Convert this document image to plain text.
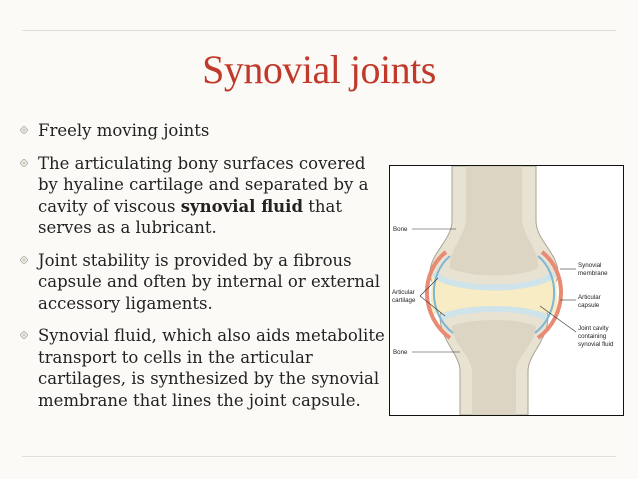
Synovial joints
Freely moving joints
The articulating bony surfaces covered by hyaline cartilage and separated by a cavity of viscous synovial fluid that serves as a lubricant.
Joint stability is provided by a fibrous capsule and often by internal or external accessory ligaments.
Synovial fluid, which also aids metabolite transport to cells in the articular cartilages, is synthesized by the synovial membrane that lines the joint capsule.
Bone
Articular
cartilage
Bone
Synovial
membrane
Articular
capsule
Joint cavity
containing
synovial fluid
